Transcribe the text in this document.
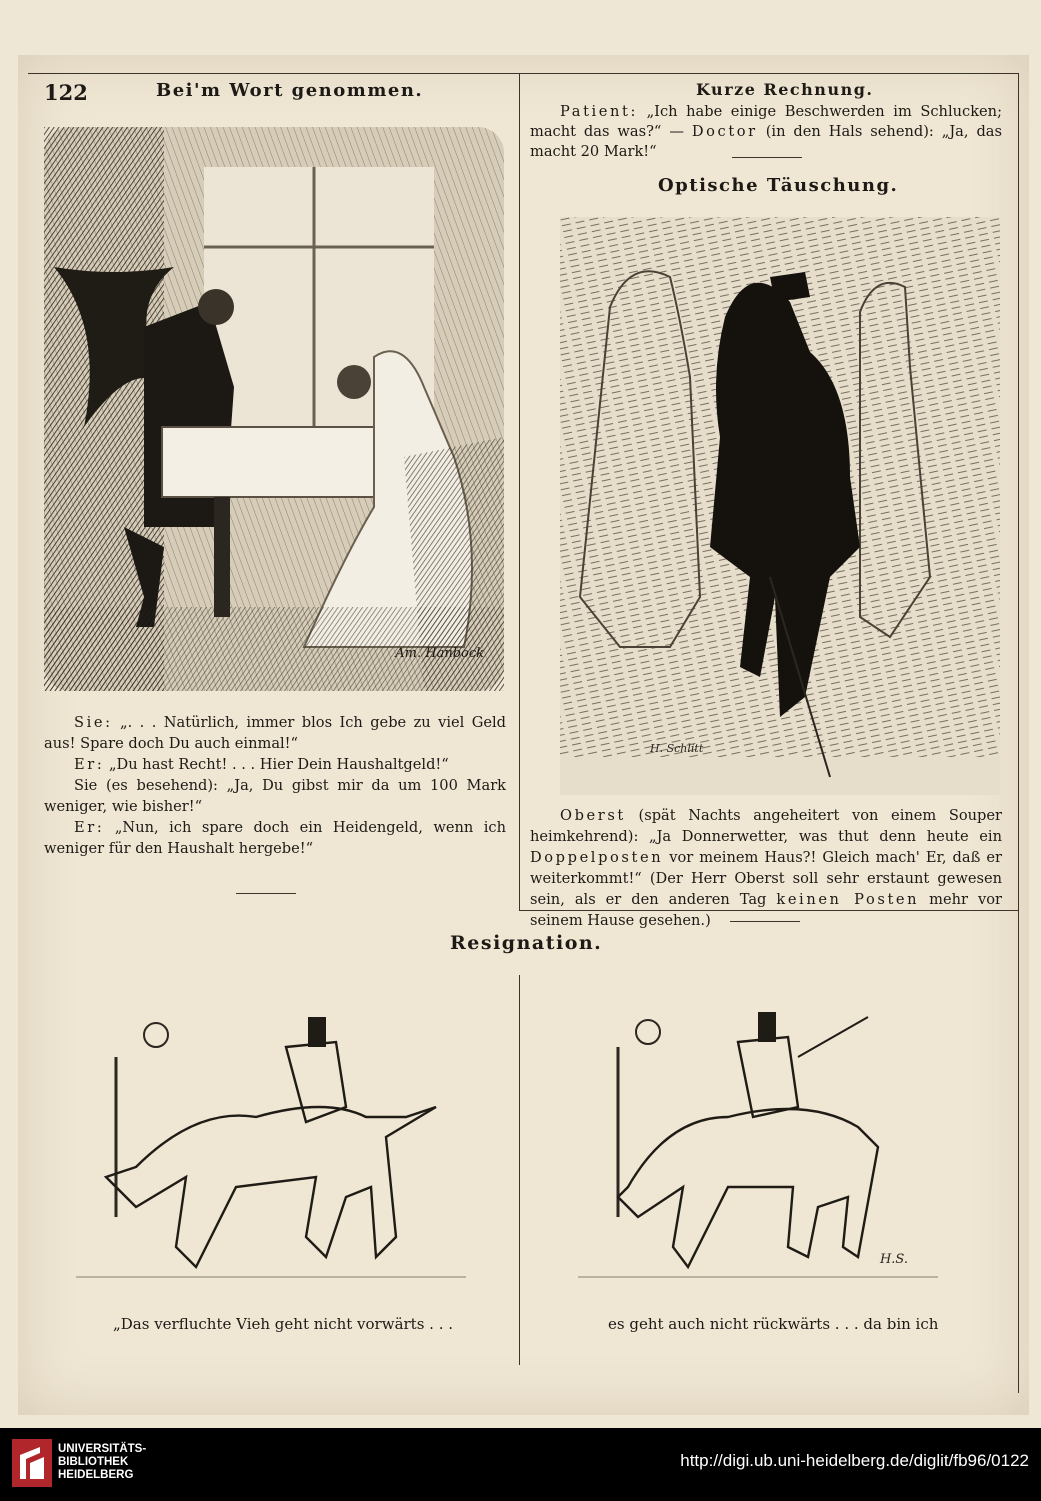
122	Bei'm Wort genommen.
Am. Hanbock

Sie: „. . . Natürlich, immer blos Ich gebe zu viel Geld aus! Spare doch Du auch einmal!“

Er: „Du hast Recht! . . . Hier Dein Haushaltgeld!“

Sie (es besehend): „Ja, Du gibst mir da um 100 Mark weniger, wie bisher!“

Er: „Nun, ich spare doch ein Heidengeld, wenn ich weniger für den Haushalt hergebe!“

Kurze Rechnung.

Patient: „Ich habe einige Beschwerden im Schlucken; macht das was?“ — Doctor (in den Hals sehend): „Ja, das macht 20 Mark!“

Optische Täuschung.
H. Schlitt

Oberst (spät Nachts angeheitert von einem Souper heimkehrend): „Ja Donnerwetter, was thut denn heute ein Doppelposten vor meinem Haus?! Gleich mach' Er, daß er weiterkommt!“ (Der Herr Oberst soll sehr erstaunt gewesen sein, als er den anderen Tag keinen Posten mehr vor seinem Hause gesehen.)

Resignation.
H.S.
„Das verfluchte Vieh geht nicht vorwärts . . .	es geht auch nicht rückwärts . . . da bin ich
UNIVERSITÄTS-
BIBLIOTHEK
HEIDELBERG
http://digi.ub.uni-heidelberg.de/diglit/fb96/0122
